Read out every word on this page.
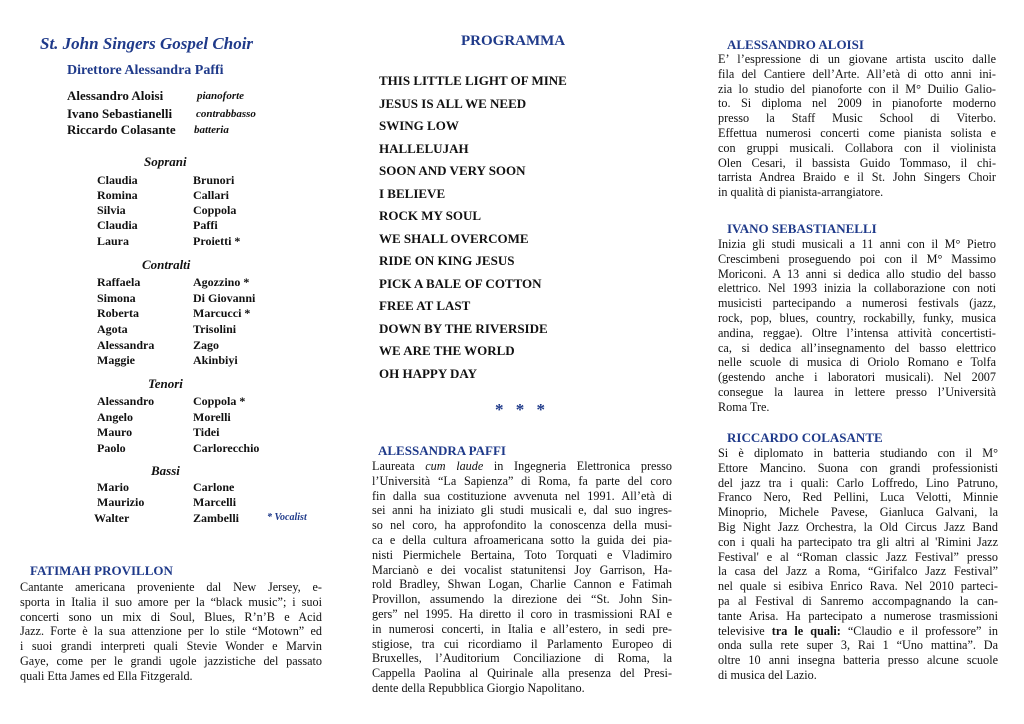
St. John Singers Gospel Choir
Direttore Alessandra Paffi
Alessandro Aloisi	pianoforte
Ivano Sebastianelli contrabbasso
Riccardo Colasante batteria
Soprani
Claudia	Brunori
Romina	Callari
Silvia	Coppola
Claudia	Paffi
Laura	Proietti *
Contralti
Raffaela	Agozzino *
Simona	Di Giovanni
Roberta	Marcucci *
Agota	Trisolini
Alessandra	Zago
Maggie	Akinbiyi
Tenori
Alessandro	Coppola *
Angelo	Morelli
Mauro	Tidei
Paolo	Carlorecchio
Bassi
Mario	Carlone
Maurizio	Marcelli
Walter	Zambelli	* Vocalist
FATIMAH PROVILLON
Cantante americana proveniente dal New Jersey, e-
sporta in Italia il suo amore per la “black music”; i suoi
concerti sono un mix di Soul, Blues, R’n’B e Acid
Jazz. Forte è la sua attenzione per lo stile “Motown” ed
i suoi grandi interpreti quali Stevie Wonder e Marvin
Gaye, come per le grandi ugole jazzistiche del passato
quali Etta James ed Ella Fitzgerald.
PROGRAMMA
THIS LITTLE LIGHT OF MINE
JESUS IS ALL WE NEED
SWING LOW
HALLELUJAH
SOON AND VERY SOON
I BELIEVE
ROCK MY SOUL
WE SHALL OVERCOME
RIDE ON KING JESUS
PICK A BALE OF COTTON
FREE AT LAST
DOWN BY THE RIVERSIDE
WE ARE THE WORLD
OH HAPPY DAY
* * *
ALESSANDRA PAFFI
Laureata cum laude in Ingegneria Elettronica presso
l’Università “La Sapienza” di Roma, fa parte del coro
fin dalla sua costituzione avvenuta nel 1991. All’età di
sei anni ha iniziato gli studi musicali e, dal suo ingres-
so nel coro, ha approfondito la conoscenza della musi-
ca e della cultura afroamericana sotto la guida dei pia-
nisti Piermichele Bertaina, Toto Torquati e Vladimiro
Marcianò e dei vocalist statunitensi Joy Garrison, Ha-
rold Bradley, Shwan Logan, Charlie Cannon e Fatimah
Provillon, assumendo la direzione dei “St. John Sin-
gers” nel 1995. Ha diretto il coro in trasmissioni RAI e
in numerosi concerti, in Italia e all’estero, in sedi pre-
stigiose, tra cui ricordiamo il Parlamento Europeo di
Bruxelles, l’Auditorium Conciliazione di Roma, la
Cappella Paolina al Quirinale alla presenza del Presi-
dente della Repubblica Giorgio Napolitano.
ALESSANDRO ALOISI
E’ l’espressione di un giovane artista uscito dalle
fila del Cantiere dell’Arte. All’età di otto anni ini-
zia lo studio del pianoforte con il M° Duilio Galio-
to. Si diploma nel 2009 in pianoforte moderno
presso la Staff Music School di Viterbo.
Effettua numerosi concerti come pianista solista e
con gruppi musicali. Collabora con il violinista
Olen Cesari, il bassista Guido Tommaso, il chi-
tarrista Andrea Braido e il St. John Singers Choir
in qualità di pianista-arrangiatore.
IVANO SEBASTIANELLI
Inizia gli studi musicali a 11 anni con il M° Pietro
Crescimbeni proseguendo poi con il M° Massimo
Moriconi. A 13 anni si dedica allo studio del basso
elettrico. Nel 1993 inizia la collaborazione con noti
musicisti partecipando a numerosi festivals (jazz,
rock, pop, blues, country, rockabilly, funky, musica
andina, reggae). Oltre l’intensa attività concertisti-
ca, si dedica all’insegnamento del basso elettrico
nelle scuole di musica di Oriolo Romano e Tolfa
(gestendo anche i laboratori musicali). Nel 2007
consegue la laurea in lettere presso l’Università
Roma Tre.
RICCARDO COLASANTE
Si è diplomato in batteria studiando con il M°
Ettore Mancino. Suona con grandi professionisti
del jazz tra i quali: Carlo Loffredo, Lino Patruno,
Franco Nero, Red Pellini, Luca Velotti, Minnie
Minoprio, Michele Pavese, Gianluca Galvani, la
Big Night Jazz Orchestra, la Old Circus Jazz Band
con i quali ha partecipato tra gli altri al 'Rimini Jazz
Festival' e al “Roman classic Jazz Festival” presso
la casa del Jazz a Roma, “Girifalco Jazz Festival”
nel quale si esibiva Enrico Rava. Nel 2010 parteci-
pa al Festival di Sanremo accompagnando la can-
tante Arisa. Ha partecipato a numerose trasmissioni
televisive tra le quali: “Claudio e il professore” in
onda sulla rete super 3, Rai 1 “Uno mattina”. Da
oltre 10 anni insegna batteria presso alcune scuole
di musica del Lazio.
